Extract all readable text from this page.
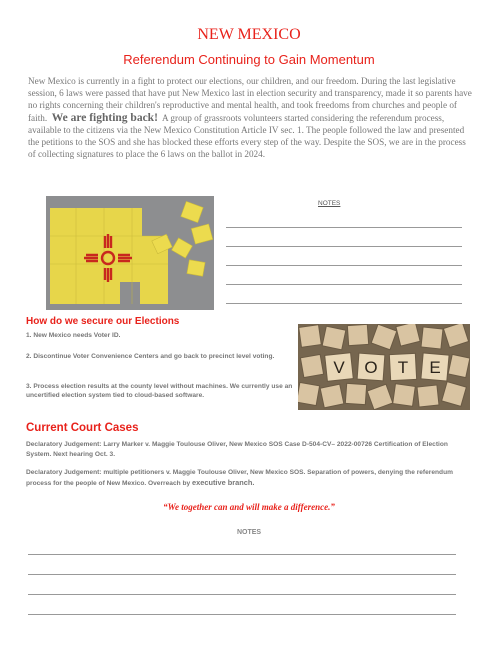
NEW MEXICO
Referendum Continuing to Gain Momentum
New Mexico is currently in a fight to protect our elections, our children, and our freedom. During the last legislative session, 6 laws were passed that have put New Mexico last in election security and transparency, made it so parents have no rights concerning their children's reproductive and mental health, and took freedoms from churches and people of faith. We are fighting back! A group of grassroots volunteers started considering the referendum process, available to the citizens via the New Mexico Constitution Article IV sec. 1. The people followed the law and presented the petitions to the SOS and she has blocked these efforts every step of the way. Despite the SOS, we are in the process of collecting signatures to place the 6 laws on the ballot in 2024.
NOTES
How do we secure our Elections
1. New Mexico needs Voter ID.
2. Discontinue Voter Convenience Centers and go back to precinct level voting.
3. Process election results at the county level without machines. We currently use an uncertified election system tied to cloud-based software.
V O T E
Current Court Cases
Declaratory Judgement: Larry Marker v. Maggie Toulouse Oliver, New Mexico SOS Case D-504-CV– 2022-00726 Certification of Election System. Next hearing Oct. 3.
Declaratory Judgement: multiple petitioners v. Maggie Toulouse Oliver, New Mexico SOS. Separation of powers, denying the referendum process for the people of New Mexico. Overreach by executive branch.
“We together can and will make a difference.”
NOTES
